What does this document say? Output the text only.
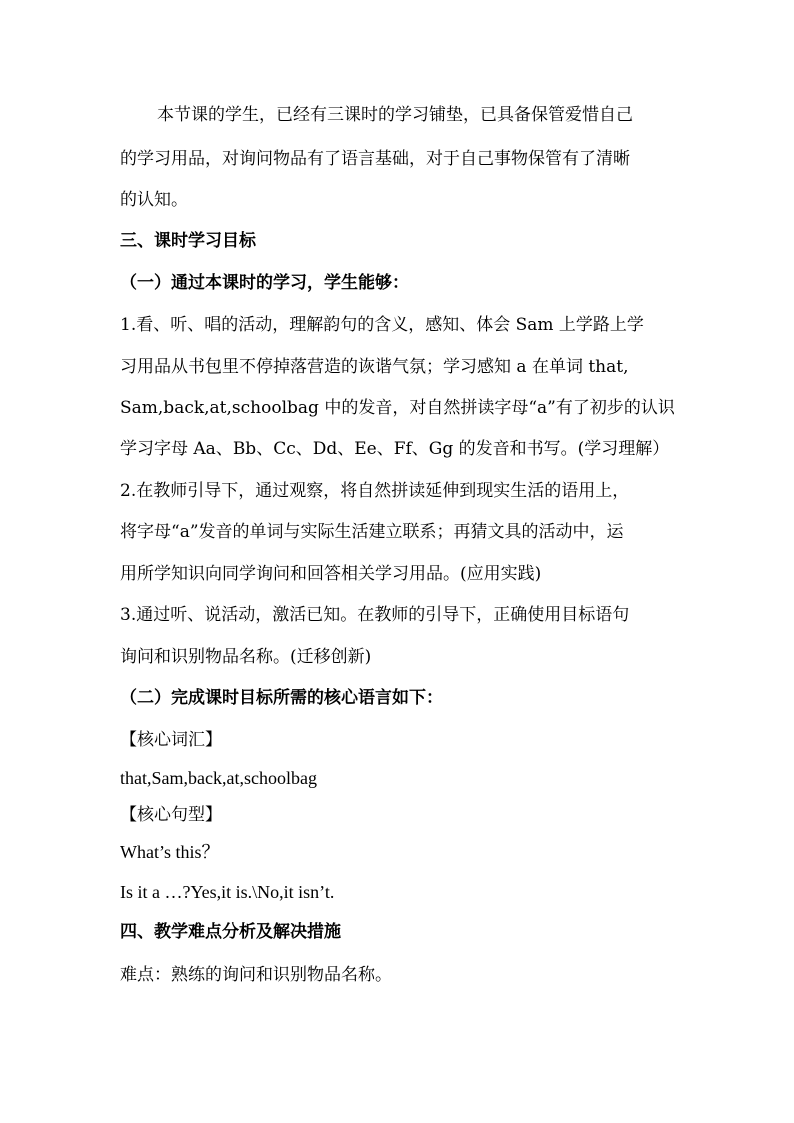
本节课的学生，已经有三课时的学习铺垫，已具备保管爱惜自己
的学习用品，对询问物品有了语言基础，对于自己事物保管有了清晰
的认知。
三、课时学习目标
（一）通过本课时的学习，学生能够：
1.看、听、唱的活动，理解韵句的含义，感知、体会 Sam 上学路上学
习用品从书包里不停掉落营造的诙谐气氛；学习感知 a 在单词 that,
Sam,back,at,schoolbag 中的发音，对自然拼读字母“a”有了初步的认识
学习字母 Aa、Bb、Cc、Dd、Ee、Ff、Gg 的发音和书写。(学习理解）
2.在教师引导下，通过观察，将自然拼读延伸到现实生活的语用上，
将字母“a”发音的单词与实际生活建立联系；再猜文具的活动中，运
用所学知识向同学询问和回答相关学习用品。(应用实践)
3.通过听、说活动，激活已知。在教师的引导下，正确使用目标语句
询问和识别物品名称。(迁移创新)
（二）完成课时目标所需的核心语言如下：
【核心词汇】
that,Sam,back,at,schoolbag
【核心句型】
What’s this？
Is it a …?Yes,it is.\No,it isn’t.
四、教学难点分析及解决措施
难点：熟练的询问和识别物品名称。
